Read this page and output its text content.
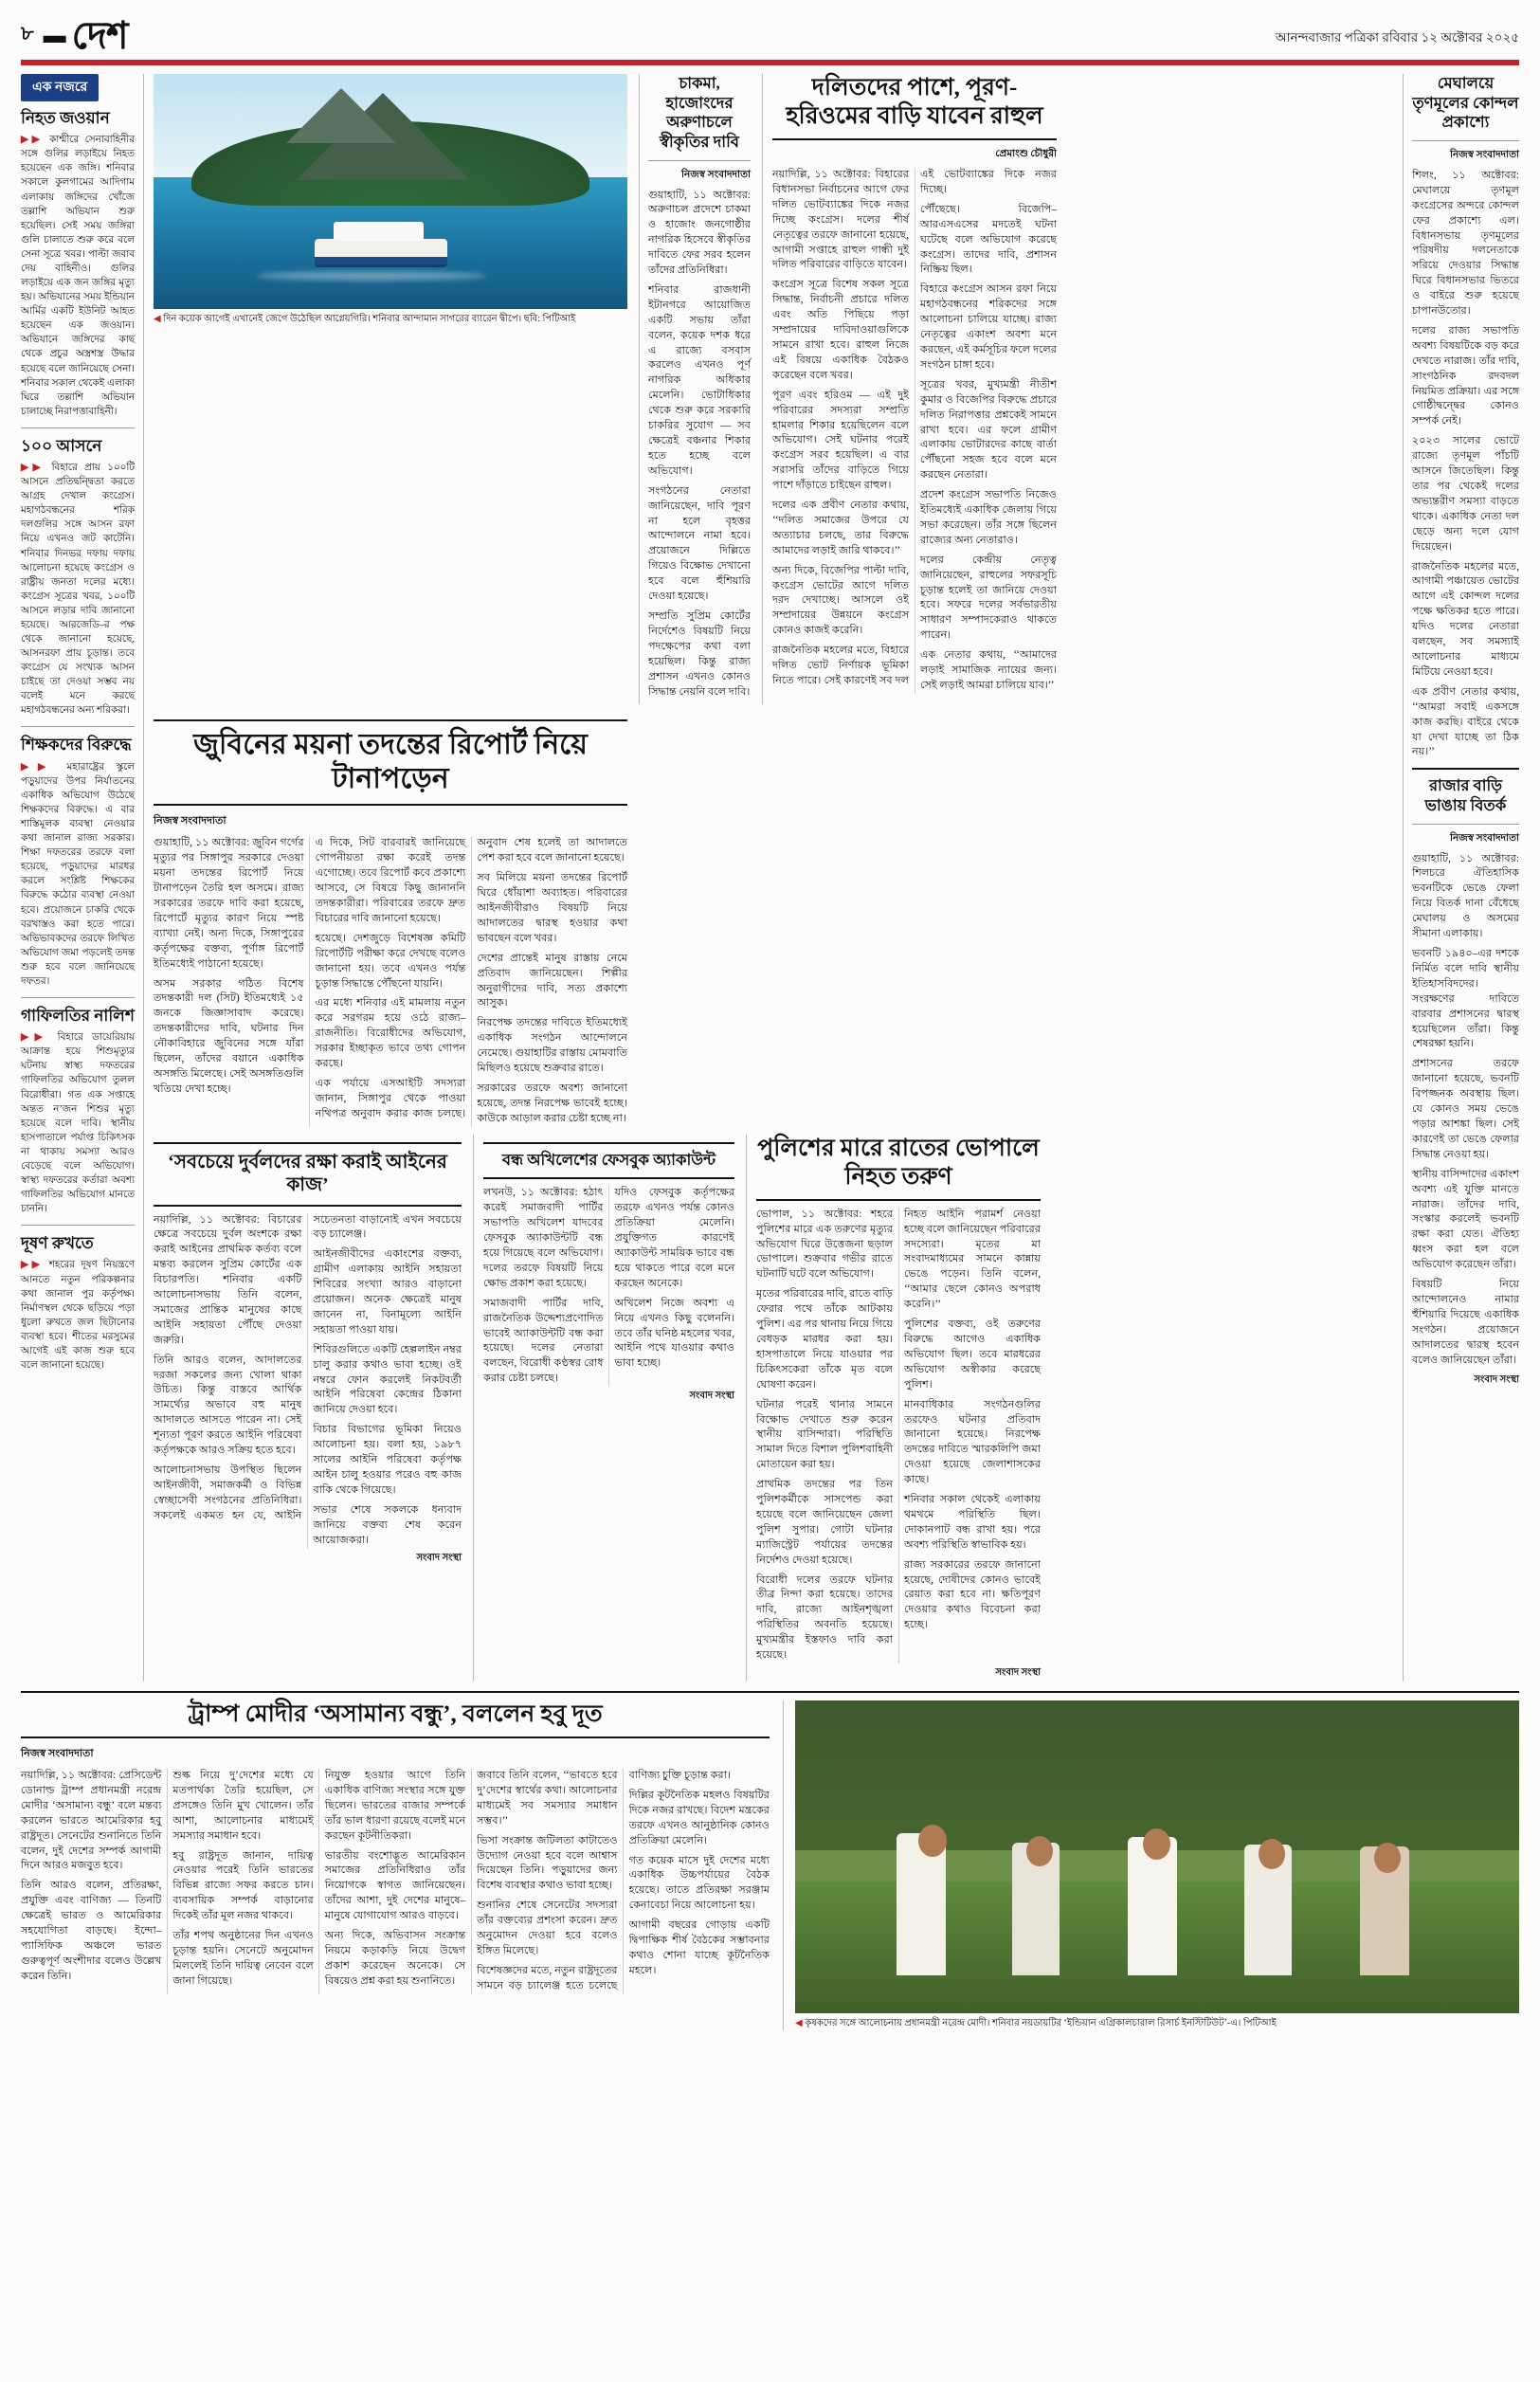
৮ ▬ দেশ	আনন্দবাজার পত্রিকা রবিবার ১২ অক্টোবর ২০২৫
এক নজরে
নিহত জওয়ান
▶▶ কাশ্মীরে সেনাবাহিনীর সঙ্গে গুলির লড়াইয়ে নিহত হয়েছেন এক জঙ্গি। শনিবার সকালে কুলগামের আদিগাম এলাকায় জঙ্গিদের খোঁজে তল্লাশি অভিযান শুরু হয়েছিল। সেই সময় জঙ্গিরা গুলি চালাতে শুরু করে বলে সেনা সূত্রে খবর। পাল্টা জবাব দেয় বাহিনীও। গুলির লড়াইয়ে এক জন জঙ্গির মৃত্যু হয়। অভিযানের সময় ইন্ডিয়ান আর্মির একটি ইউনিট আহত হয়েছেন এক জওয়ান। অভিযানে জঙ্গিদের কাছ থেকে প্রচুর অস্ত্রশস্ত্র উদ্ধার হয়েছে বলে জানিয়েছে সেনা। শনিবার সকাল থেকেই এলাকা ঘিরে তল্লাশি অভিযান চালাচ্ছে নিরাপত্তাবাহিনী।
১০০ আসনে
▶▶ বিহারে প্রায় ১০০টি আসনে প্রতিদ্বন্দ্বিতা করতে আগ্রহ দেখাল কংগ্রেস। মহাগঠবন্ধনের শরিক দলগুলির সঙ্গে আসন রফা নিয়ে এখনও জট কাটেনি। শনিবার দিনভর দফায় দফায় আলোচনা হয়েছে কংগ্রেস ও রাষ্ট্রীয় জনতা দলের মধ্যে। কংগ্রেস সূত্রের খবর, ১০০টি আসনে লড়ার দাবি জানানো হয়েছে। আরজেডি–র পক্ষ থেকে জানানো হয়েছে, আসনরফা প্রায় চূড়ান্ত। তবে কংগ্রেস যে সংখ্যক আসন চাইছে তা দেওয়া সম্ভব নয় বলেই মনে করছে মহাগঠবন্ধনের অন্য শরিকরা।
শিক্ষকদের বিরুদ্ধে
▶▶ মহারাষ্ট্রের স্কুলে পড়ুয়াদের উপর নির্যাতনের একাধিক অভিযোগ উঠেছে শিক্ষকদের বিরুদ্ধে। এ বার শাস্তিমূলক ব্যবস্থা নেওয়ার কথা জানাল রাজ্য সরকার। শিক্ষা দফতরের তরফে বলা হয়েছে, পড়ুয়াদের মারধর করলে সংশ্লিষ্ট শিক্ষকের বিরুদ্ধে কঠোর ব্যবস্থা নেওয়া হবে। প্রয়োজনে চাকরি থেকে বরখাস্তও করা হতে পারে। অভিভাবকদের তরফে লিখিত অভিযোগ জমা পড়লেই তদন্ত শুরু হবে বলে জানিয়েছে দফতর।
গাফিলতির নালিশ
▶▶ বিহারে ডায়েরিয়ায় আক্রান্ত হয়ে শিশুমৃত্যুর ঘটনায় স্বাস্থ্য দফতরের গাফিলতির অভিযোগ তুলল বিরোধীরা। গত এক সপ্তাহে অন্তত ন’জন শিশুর মৃত্যু হয়েছে বলে দাবি। স্থানীয় হাসপাতালে পর্যাপ্ত চিকিৎসক না থাকায় সমস্যা আরও বেড়েছে বলে অভিযোগ। স্বাস্থ্য দফতরের কর্তারা অবশ্য গাফিলতির অভিযোগ মানতে চাননি।
দূষণ রুখতে
▶▶ শহরের দূষণ নিয়ন্ত্রণে আনতে নতুন পরিকল্পনার কথা জানাল পুর কর্তৃপক্ষ। নির্মাণস্থল থেকে ছড়িয়ে পড়া ধুলো রুখতে জল ছিটানোর ব্যবস্থা হবে। শীতের মরসুমের আগেই এই কাজ শুরু হবে বলে জানানো হয়েছে।
◀ দিন কয়েক আগেই এখানেই জেগে উঠেছিল আগ্নেয়গিরি। শনিবার আন্দামান সাগরের ব্যারেন দ্বীপে। ছবি: পিটিআই
চাকমা, হাজোংদের অরুণাচলে স্বীকৃতির দাবি
নিজস্ব সংবাদদাতা

গুয়াহাটি, ১১ অক্টোবর: অরুণাচল প্রদেশে চাকমা ও হাজোং জনগোষ্ঠীর নাগরিক হিসেবে স্বীকৃতির দাবিতে ফের সরব হলেন তাঁদের প্রতিনিধিরা।

শনিবার রাজধানী ইটানগরে আয়োজিত একটি সভায় তাঁরা বলেন, কয়েক দশক ধরে এ রাজ্যে বসবাস করলেও এখনও পূর্ণ নাগরিক অধিকার মেলেনি। ভোটাধিকার থেকে শুরু করে সরকারি চাকরির সুযোগ — সব ক্ষেত্রেই বঞ্চনার শিকার হতে হচ্ছে বলে অভিযোগ।

সংগঠনের নেতারা জানিয়েছেন, দাবি পূরণ না হলে বৃহত্তর আন্দোলনে নামা হবে। প্রয়োজনে দিল্লিতে গিয়েও বিক্ষোভ দেখানো হবে বলে হুঁশিয়ারি দেওয়া হয়েছে।

সম্প্রতি সুপ্রিম কোর্টের নির্দেশেও বিষয়টি নিয়ে পদক্ষেপের কথা বলা হয়েছিল। কিন্তু রাজ্য প্রশাসন এখনও কোনও সিদ্ধান্ত নেয়নি বলে দাবি।

দলিতদের পাশে, পূরণ-হরিওমের বাড়ি যাবেন রাহুল
প্রেমাংশু চৌধুরী

নয়াদিল্লি, ১১ অক্টোবর: বিহারের বিধানসভা নির্বাচনের আগে ফের দলিত ভোটব্যাঙ্কের দিকে নজর দিচ্ছে কংগ্রেস। দলের শীর্ষ নেতৃত্বের তরফে জানানো হয়েছে, আগামী সপ্তাহে রাহুল গান্ধী দুই দলিত পরিবারের বাড়িতে যাবেন।

কংগ্রেস সূত্রে বিশেষ সকল সূত্রে সিদ্ধান্ত, নির্বাচনী প্রচারে দলিত এবং অতি পিছিয়ে পড়া সম্প্রদায়ের দাবিদাওয়াগুলিকে সামনে রাখা হবে। রাহুল নিজে এই বিষয়ে একাধিক বৈঠকও করেছেন বলে খবর।

পূরণ এবং হরিওম — এই দুই পরিবারের সদস্যরা সম্প্রতি হামলার শিকার হয়েছিলেন বলে অভিযোগ। সেই ঘটনার পরেই কংগ্রেস সরব হয়েছিল। এ বার সরাসরি তাঁদের বাড়িতে গিয়ে পাশে দাঁড়াতে চাইছেন রাহুল।

দলের এক প্রবীণ নেতার কথায়, ‘‘দলিত সমাজের উপরে যে অত্যাচার চলছে, তার বিরুদ্ধে আমাদের লড়াই জারি থাকবে।’’

অন্য দিকে, বিজেপির পাল্টা দাবি, কংগ্রেস ভোটের আগে দলিত দরদ দেখাচ্ছে। আসলে ওই সম্প্রদায়ের উন্নয়নে কংগ্রেস কোনও কাজই করেনি।

রাজনৈতিক মহলের মতে, বিহারে দলিত ভোট নির্ণায়ক ভূমিকা নিতে পারে। সেই কারণেই সব দল এই ভোটব্যাঙ্কের দিকে নজর দিচ্ছে।

পৌঁছেছে। বিজেপি–আরএসএসের মদতেই ঘটনা ঘটেছে বলে অভিযোগ করেছে কংগ্রেস। তাদের দাবি, প্রশাসন নিষ্ক্রিয় ছিল।

বিহারে কংগ্রেস আসন রফা নিয়ে মহাগঠবন্ধনের শরিকদের সঙ্গে আলোচনা চালিয়ে যাচ্ছে। রাজ্য নেতৃত্বের একাংশ অবশ্য মনে করছেন, এই কর্মসূচির ফলে দলের সংগঠন চাঙ্গা হবে।

সূত্রের খবর, মুখ্যমন্ত্রী নীতীশ কুমার ও বিজেপির বিরুদ্ধে প্রচারে দলিত নিরাপত্তার প্রশ্নকেই সামনে রাখা হবে। এর ফলে গ্রামীণ এলাকায় ভোটারদের কাছে বার্তা পৌঁছনো সহজ হবে বলে মনে করছেন নেতারা।

প্রদেশ কংগ্রেস সভাপতি নিজেও ইতিমধ্যেই একাধিক জেলায় গিয়ে সভা করেছেন। তাঁর সঙ্গে ছিলেন রাজ্যের অন্য নেতারাও।

দলের কেন্দ্রীয় নেতৃত্ব জানিয়েছেন, রাহুলের সফরসূচি চূড়ান্ত হলেই তা জানিয়ে দেওয়া হবে। সফরে দলের সর্বভারতীয় সাধারণ সম্পাদকেরাও থাকতে পারেন।

এক নেতার কথায়, ‘‘আমাদের লড়াই সামাজিক ন্যায়ের জন্য। সেই লড়াই আমরা চালিয়ে যাব।’’

জ়ুবিনের ময়না তদন্তের রিপোর্ট নিয়ে টানাপড়েন
নিজস্ব সংবাদদাতা

গুয়াহাটি, ১১ অক্টোবর: জ়ুবিন গর্গের মৃত্যুর পর সিঙ্গাপুর সরকারে দেওয়া ময়না তদন্তের রিপোর্ট নিয়ে টানাপড়েন তৈরি হল অসমে। রাজ্য সরকারের তরফে দাবি করা হয়েছে, রিপোর্টে মৃত্যুর কারণ নিয়ে স্পষ্ট ব্যাখ্যা নেই। অন্য দিকে, সিঙ্গাপুরের কর্তৃপক্ষের বক্তব্য, পূর্ণাঙ্গ রিপোর্ট ইতিমধ্যেই পাঠানো হয়েছে।

অসম সরকার গঠিত বিশেষ তদন্তকারী দল (সিট) ইতিমধ্যেই ১৫ জনকে জিজ্ঞাসাবাদ করেছে। তদন্তকারীদের দাবি, ঘটনার দিন নৌকাবিহারে জ়ুবিনের সঙ্গে যাঁরা ছিলেন, তাঁদের বয়ানে একাধিক অসঙ্গতি মিলেছে। সেই অসঙ্গতিগুলি খতিয়ে দেখা হচ্ছে।

এ দিকে, সিট বারবারই জানিয়েছে গোপনীয়তা রক্ষা করেই তদন্ত এগোচ্ছে। তবে রিপোর্ট কবে প্রকাশ্যে আসবে, সে বিষয়ে কিছু জানাননি তদন্তকারীরা। পরিবারের তরফে দ্রুত বিচারের দাবি জানানো হয়েছে।

হয়েছে। দেশজুড়ে বিশেষজ্ঞ কমিটি রিপোর্টটি পরীক্ষা করে দেখছে বলেও জানানো হয়। তবে এখনও পর্যন্ত চূড়ান্ত সিদ্ধান্তে পৌঁছনো যায়নি।

এর মধ্যে শনিবার এই মামলায় নতুন করে সরগরম হয়ে ওঠে রাজ্য–রাজনীতি। বিরোধীদের অভিযোগ, সরকার ইচ্ছাকৃত ভাবে তথ্য গোপন করছে।

এক পর্যায়ে এসআইটি সদস্যরা জানান, সিঙ্গাপুর থেকে পাওয়া নথিপত্র অনুবাদ করার কাজ চলছে। অনুবাদ শেষ হলেই তা আদালতে পেশ করা হবে বলে জানানো হয়েছে।

সব মিলিয়ে ময়না তদন্তের রিপোর্ট ঘিরে ধোঁয়াশা অব্যাহত। পরিবারের আইনজীবীরাও বিষয়টি নিয়ে আদালতের দ্বারস্থ হওয়ার কথা ভাবছেন বলে খবর।

দেশের প্রান্তেই মানুষ রাস্তায় নেমে প্রতিবাদ জানিয়েছেন। শিল্পীর অনুরাগীদের দাবি, সত্য প্রকাশ্যে আসুক।

নিরপেক্ষ তদন্তের দাবিতে ইতিমধ্যেই একাধিক সংগঠন আন্দোলনে নেমেছে। গুয়াহাটির রাস্তায় মোমবাতি মিছিলও হয়েছে শুক্রবার রাতে।

সরকারের তরফে অবশ্য জানানো হয়েছে, তদন্ত নিরপেক্ষ ভাবেই হচ্ছে। কাউকে আড়াল করার চেষ্টা হচ্ছে না।

‘সবচেয়ে দুর্বলদের রক্ষা করাই আইনের কাজ’

নয়াদিল্লি, ১১ অক্টোবর: বিচারের ক্ষেত্রে সবচেয়ে দুর্বল অংশকে রক্ষা করাই আইনের প্রাথমিক কর্তব্য বলে মন্তব্য করলেন সুপ্রিম কোর্টের এক বিচারপতি। শনিবার একটি আলোচনাসভায় তিনি বলেন, সমাজের প্রান্তিক মানুষের কাছে আইনি সহায়তা পৌঁছে দেওয়া জরুরি।

তিনি আরও বলেন, আদালতের দরজা সকলের জন্য খোলা থাকা উচিত। কিন্তু বাস্তবে আর্থিক সামর্থ্যের অভাবে বহু মানুষ আদালতে আসতে পারেন না। সেই শূন্যতা পূরণ করতে আইনি পরিষেবা কর্তৃপক্ষকে আরও সক্রিয় হতে হবে।

আলোচনাসভায় উপস্থিত ছিলেন আইনজীবী, সমাজকর্মী ও বিভিন্ন স্বেচ্ছাসেবী সংগঠনের প্রতিনিধিরা। সকলেই একমত হন যে, আইনি সচেতনতা বাড়ানোই এখন সবচেয়ে বড় চ্যালেঞ্জ।

আইনজীবীদের একাংশের বক্তব্য, গ্রামীণ এলাকায় আইনি সহায়তা শিবিরের সংখ্যা আরও বাড়ানো প্রয়োজন। অনেক ক্ষেত্রেই মানুষ জানেন না, বিনামূল্যে আইনি সহায়তা পাওয়া যায়।

শিবিরগুলিতে একটি হেল্পলাইন নম্বর চালু করার কথাও ভাবা হচ্ছে। ওই নম্বরে ফোন করলেই নিকটবর্তী আইনি পরিষেবা কেন্দ্রের ঠিকানা জানিয়ে দেওয়া হবে।

বিচার বিভাগের ভূমিকা নিয়েও আলোচনা হয়। বলা হয়, ১৯৮৭ সালের আইনি পরিষেবা কর্তৃপক্ষ আইন চালু হওয়ার পরেও বহু কাজ বাকি থেকে গিয়েছে।

সভার শেষে সকলকে ধন্যবাদ জানিয়ে বক্তব্য শেষ করেন আয়োজকরা।

সংবাদ সংস্থা
বন্ধ অখিলেশের ফেসবুক অ্যাকাউন্ট

লখনউ, ১১ অক্টোবর: হঠাৎ করেই সমাজবাদী পার্টির সভাপতি অখিলেশ যাদবের ফেসবুক অ্যাকাউন্টটি বন্ধ হয়ে গিয়েছে বলে অভিযোগ। দলের তরফে বিষয়টি নিয়ে ক্ষোভ প্রকাশ করা হয়েছে।

সমাজবাদী পার্টির দাবি, রাজনৈতিক উদ্দেশ্যপ্রণোদিত ভাবেই অ্যাকাউন্টটি বন্ধ করা হয়েছে। দলের নেতারা বলছেন, বিরোধী কণ্ঠস্বর রোধ করার চেষ্টা চলছে।

যদিও ফেসবুক কর্তৃপক্ষের তরফে এখনও পর্যন্ত কোনও প্রতিক্রিয়া মেলেনি। প্রযুক্তিগত কারণেই অ্যাকাউন্ট সাময়িক ভাবে বন্ধ হয়ে থাকতে পারে বলে মনে করছেন অনেকে।

অখিলেশ নিজে অবশ্য এ নিয়ে এখনও কিছু বলেননি। তবে তাঁর ঘনিষ্ঠ মহলের খবর, আইনি পথে যাওয়ার কথাও ভাবা হচ্ছে।

সংবাদ সংস্থা
পুলিশের মারে রাতের ভোপালে নিহত তরুণ

ভোপাল, ১১ অক্টোবর: শহরে পুলিশের মারে এক তরুণের মৃত্যুর অভিযোগ ঘিরে উত্তেজনা ছড়াল ভোপালে। শুক্রবার গভীর রাতে ঘটনাটি ঘটে বলে অভিযোগ।

মৃতের পরিবারের দাবি, রাতে বাড়ি ফেরার পথে তাঁকে আটকায় পুলিশ। এর পর থানায় নিয়ে গিয়ে বেধড়ক মারধর করা হয়। হাসপাতালে নিয়ে যাওয়ার পর চিকিৎসকেরা তাঁকে মৃত বলে ঘোষণা করেন।

ঘটনার পরেই থানার সামনে বিক্ষোভ দেখাতে শুরু করেন স্থানীয় বাসিন্দারা। পরিস্থিতি সামাল দিতে বিশাল পুলিশবাহিনী মোতায়েন করা হয়।

প্রাথমিক তদন্তের পর তিন পুলিশকর্মীকে সাসপেন্ড করা হয়েছে বলে জানিয়েছেন জেলা পুলিশ সুপার। গোটা ঘটনার ম্যাজিস্ট্রেট পর্যায়ের তদন্তের নির্দেশও দেওয়া হয়েছে।

বিরোধী দলের তরফে ঘটনার তীব্র নিন্দা করা হয়েছে। তাদের দাবি, রাজ্যে আইনশৃঙ্খলা পরিস্থিতির অবনতি হয়েছে। মুখ্যমন্ত্রীর ইস্তফাও দাবি করা হয়েছে।

নিহত আইনি পরামর্শ নেওয়া হচ্ছে বলে জানিয়েছেন পরিবারের সদস্যেরা। মৃতের মা সংবাদমাধ্যমের সামনে কান্নায় ভেঙে পড়েন। তিনি বলেন, ‘‘আমার ছেলে কোনও অপরাধ করেনি।’’

পুলিশের বক্তব্য, ওই তরুণের বিরুদ্ধে আগেও একাধিক অভিযোগ ছিল। তবে মারধরের অভিযোগ অস্বীকার করেছে পুলিশ।

মানবাধিকার সংগঠনগুলির তরফেও ঘটনার প্রতিবাদ জানানো হয়েছে। নিরপেক্ষ তদন্তের দাবিতে স্মারকলিপি জমা দেওয়া হয়েছে জেলাশাসকের কাছে।

শনিবার সকাল থেকেই এলাকায় থমথমে পরিস্থিতি ছিল। দোকানপাট বন্ধ রাখা হয়। পরে অবশ্য পরিস্থিতি স্বাভাবিক হয়।

রাজ্য সরকারের তরফে জানানো হয়েছে, দোষীদের কোনও ভাবেই রেয়াত করা হবে না। ক্ষতিপূরণ দেওয়ার কথাও বিবেচনা করা হচ্ছে।

সংবাদ সংস্থা
মেঘালয়ে তৃণমূলের কোন্দল প্রকাশ্যে
নিজস্ব সংবাদদাতা

শিলং, ১১ অক্টোবর: মেঘালয়ে তৃণমূল কংগ্রেসের অন্দরে কোন্দল ফের প্রকাশ্যে এল। বিধানসভায় তৃণমূলের পরিষদীয় দলনেতাকে সরিয়ে দেওয়ার সিদ্ধান্ত ঘিরে বিধানসভার ভিতরে ও বাইরে শুরু হয়েছে চাপানউতোর।

দলের রাজ্য সভাপতি অবশ্য বিষয়টিকে বড় করে দেখতে নারাজ। তাঁর দাবি, সাংগঠনিক রদবদল নিয়মিত প্রক্রিয়া। এর সঙ্গে গোষ্ঠীদ্বন্দ্বের কোনও সম্পর্ক নেই।

২০২৩ সালের ভোটে রাজ্যে তৃণমূল পাঁচটি আসনে জিতেছিল। কিন্তু তার পর থেকেই দলের অভ্যন্তরীণ সমস্যা বাড়তে থাকে। একাধিক নেতা দল ছেড়ে অন্য দলে যোগ দিয়েছেন।

রাজনৈতিক মহলের মতে, আগামী পঞ্চায়েত ভোটের আগে এই কোন্দল দলের পক্ষে ক্ষতিকর হতে পারে। যদিও দলের নেতারা বলছেন, সব সমস্যাই আলোচনার মাধ্যমে মিটিয়ে নেওয়া হবে।

এক প্রবীণ নেতার কথায়, ‘‘আমরা সবাই একসঙ্গে কাজ করছি। বাইরে থেকে যা দেখা যাচ্ছে তা ঠিক নয়।’’

রাজার বাড়ি ভাঙায় বিতর্ক
নিজস্ব সংবাদদাতা

গুয়াহাটি, ১১ অক্টোবর: শিলচরে ঐতিহাসিক ভবনটিকে ভেঙে ফেলা নিয়ে বিতর্ক দানা বেঁধেছে মেঘালয় ও অসমের সীমানা এলাকায়।

ভবনটি ১৯৪০–এর দশকে নির্মিত বলে দাবি স্থানীয় ইতিহাসবিদদের। সংরক্ষণের দাবিতে বারবার প্রশাসনের দ্বারস্থ হয়েছিলেন তাঁরা। কিন্তু শেষরক্ষা হয়নি।

প্রশাসনের তরফে জানানো হয়েছে, ভবনটি বিপজ্জনক অবস্থায় ছিল। যে কোনও সময় ভেঙে পড়ার আশঙ্কা ছিল। সেই কারণেই তা ভেঙে ফেলার সিদ্ধান্ত নেওয়া হয়।

স্থানীয় বাসিন্দাদের একাংশ অবশ্য এই যুক্তি মানতে নারাজ। তাঁদের দাবি, সংস্কার করলেই ভবনটি রক্ষা করা যেত। ঐতিহ্য ধ্বংস করা হল বলে অভিযোগ করেছেন তাঁরা।

বিষয়টি নিয়ে আন্দোলনেও নামার হুঁশিয়ারি দিয়েছে একাধিক সংগঠন। প্রয়োজনে আদালতের দ্বারস্থ হবেন বলেও জানিয়েছেন তাঁরা।

সংবাদ সংস্থা
ট্রাম্প মোদীর ‘অসামান্য বন্ধু’, বললেন হবু দূত
নিজস্ব সংবাদদাতা

নয়াদিল্লি, ১১ অক্টোবর: প্রেসিডেন্ট ডোনাল্ড ট্রাম্প প্রধানমন্ত্রী নরেন্দ্র মোদীর ‘অসামান্য বন্ধু’ বলে মন্তব্য করলেন ভারতে আমেরিকার হবু রাষ্ট্রদূত। সেনেটের শুনানিতে তিনি বলেন, দুই দেশের সম্পর্ক আগামী দিনে আরও মজবুত হবে।

তিনি আরও বলেন, প্রতিরক্ষা, প্রযুক্তি এবং বাণিজ্য — তিনটি ক্ষেত্রেই ভারত ও আমেরিকার সহযোগিতা বাড়ছে। ইন্দো–প্যাসিফিক অঞ্চলে ভারত গুরুত্বপূর্ণ অংশীদার বলেও উল্লেখ করেন তিনি।

শুল্ক নিয়ে দু’দেশের মধ্যে যে মতপার্থক্য তৈরি হয়েছিল, সে প্রসঙ্গেও তিনি মুখ খোলেন। তাঁর আশা, আলোচনার মাধ্যমেই সমস্যার সমাধান হবে।

হবু রাষ্ট্রদূত জানান, দায়িত্ব নেওয়ার পরেই তিনি ভারতের বিভিন্ন রাজ্যে সফর করতে চান। ব্যবসায়িক সম্পর্ক বাড়ানোর দিকেই তাঁর মূল নজর থাকবে।

তাঁর শপথ অনুষ্ঠানের দিন এখনও চূড়ান্ত হয়নি। সেনেটে অনুমোদন মিললেই তিনি দায়িত্ব নেবেন বলে জানা গিয়েছে।

নিযুক্ত হওয়ার আগে তিনি একাধিক বাণিজ্য সংস্থার সঙ্গে যুক্ত ছিলেন। ভারতের বাজার সম্পর্কে তাঁর ভাল ধারণা রয়েছে বলেই মনে করছেন কূটনীতিকরা।

ভারতীয় বংশোদ্ভূত আমেরিকান সমাজের প্রতিনিধিরাও তাঁর নিয়োগকে স্বাগত জানিয়েছেন। তাঁদের আশা, দুই দেশের মানুষে–মানুষে যোগাযোগ আরও বাড়বে।

অন্য দিকে, অভিবাসন সংক্রান্ত নিয়মে কড়াকড়ি নিয়ে উদ্বেগ প্রকাশ করেছেন অনেকে। সে বিষয়েও প্রশ্ন করা হয় শুনানিতে।

জবাবে তিনি বলেন, ‘‘ভাবতে হবে দু’দেশের স্বার্থের কথা। আলোচনার মাধ্যমেই সব সমস্যার সমাধান সম্ভব।’’

ভিসা সংক্রান্ত জটিলতা কাটাতেও উদ্যোগ নেওয়া হবে বলে আশ্বাস দিয়েছেন তিনি। পড়ুয়াদের জন্য বিশেষ ব্যবস্থার কথাও ভাবা হচ্ছে।

শুনানির শেষে সেনেটের সদস্যরা তাঁর বক্তব্যের প্রশংসা করেন। দ্রুত অনুমোদন দেওয়া হবে বলেও ইঙ্গিত মিলেছে।

বিশেষজ্ঞদের মতে, নতুন রাষ্ট্রদূতের সামনে বড় চ্যালেঞ্জ হতে চলেছে বাণিজ্য চুক্তি চূড়ান্ত করা।

দিল্লির কূটনৈতিক মহলও বিষয়টির দিকে নজর রাখছে। বিদেশ মন্ত্রকের তরফে এখনও আনুষ্ঠানিক কোনও প্রতিক্রিয়া মেলেনি।

গত কয়েক মাসে দুই দেশের মধ্যে একাধিক উচ্চপর্যায়ের বৈঠক হয়েছে। তাতে প্রতিরক্ষা সরঞ্জাম কেনাবেচা নিয়ে আলোচনা হয়।

আগামী বছরের গোড়ায় একটি দ্বিপাক্ষিক শীর্ষ বৈঠকের সম্ভাবনার কথাও শোনা যাচ্ছে কূটনৈতিক মহলে।

◀ কৃষকদের সঙ্গে আলোচনায় প্রধানমন্ত্রী নরেন্দ্র মোদী। শনিবার নয়ডায়টির ‘ইন্ডিয়ান এগ্রিকালচারাল রিসার্চ ইনস্টিটিউট’-এ। পিটিআই
